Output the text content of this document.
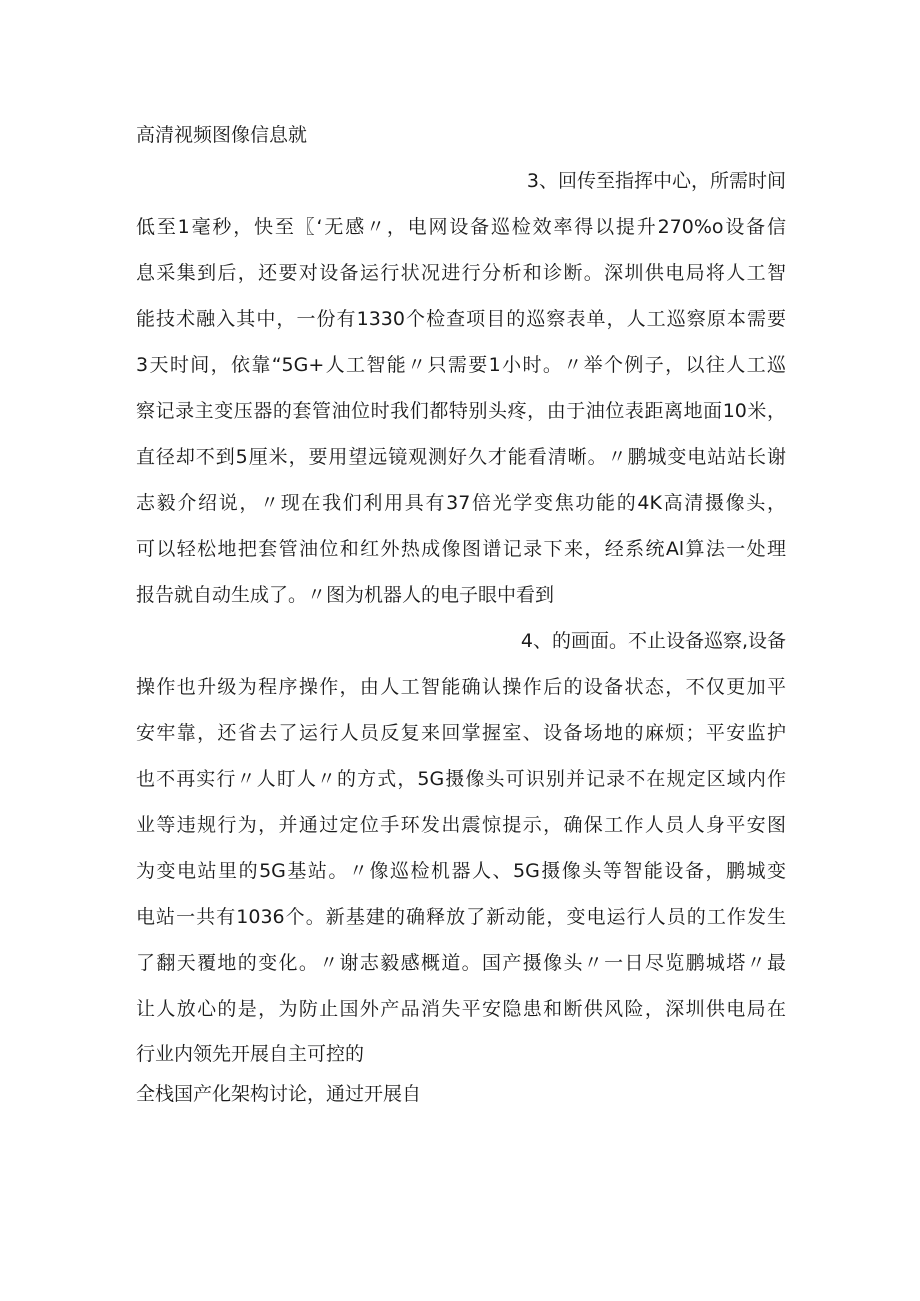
高清视频图像信息就
3、回传至指挥中心，所需时间
低至1毫秒，快至〖‘无感〃，电网设备巡检效率得以提升270%o设备信
息采集到后，还要对设备运行状况进行分析和诊断。深圳供电局将人工智
能技术融入其中，一份有1330个检查项目的巡察表单，人工巡察原本需要
3天时间，依靠“5G+人工智能〃只需要1小时。〃举个例子，以往人工巡
察记录主变压器的套管油位时我们都特别头疼，由于油位表距离地面10米，
直径却不到5厘米，要用望远镜观测好久才能看清晰。〃鹏城变电站站长谢
志毅介绍说，〃现在我们利用具有37倍光学变焦功能的4K高清摄像头，
可以轻松地把套管油位和红外热成像图谱记录下来，经系统Al算法一处理
报告就自动生成了。〃图为机器人的电子眼中看到
4、的画面。不止设备巡察,设备
操作也升级为程序操作，由人工智能确认操作后的设备状态，不仅更加平
安牢靠，还省去了运行人员反复来回掌握室、设备场地的麻烦；平安监护
也不再实行〃人盯人〃的方式，5G摄像头可识别并记录不在规定区域内作
业等违规行为，并通过定位手环发出震惊提示，确保工作人员人身平安图
为变电站里的5G基站。〃像巡检机器人、5G摄像头等智能设备，鹏城变
电站一共有1036个。新基建的确释放了新动能，变电运行人员的工作发生
了翻天覆地的变化。〃谢志毅感概道。国产摄像头〃一日尽览鹏城塔〃最
让人放心的是，为防止国外产品消失平安隐患和断供风险，深圳供电局在
行业内领先开展自主可控的
全栈国产化架构讨论，通过开展自
